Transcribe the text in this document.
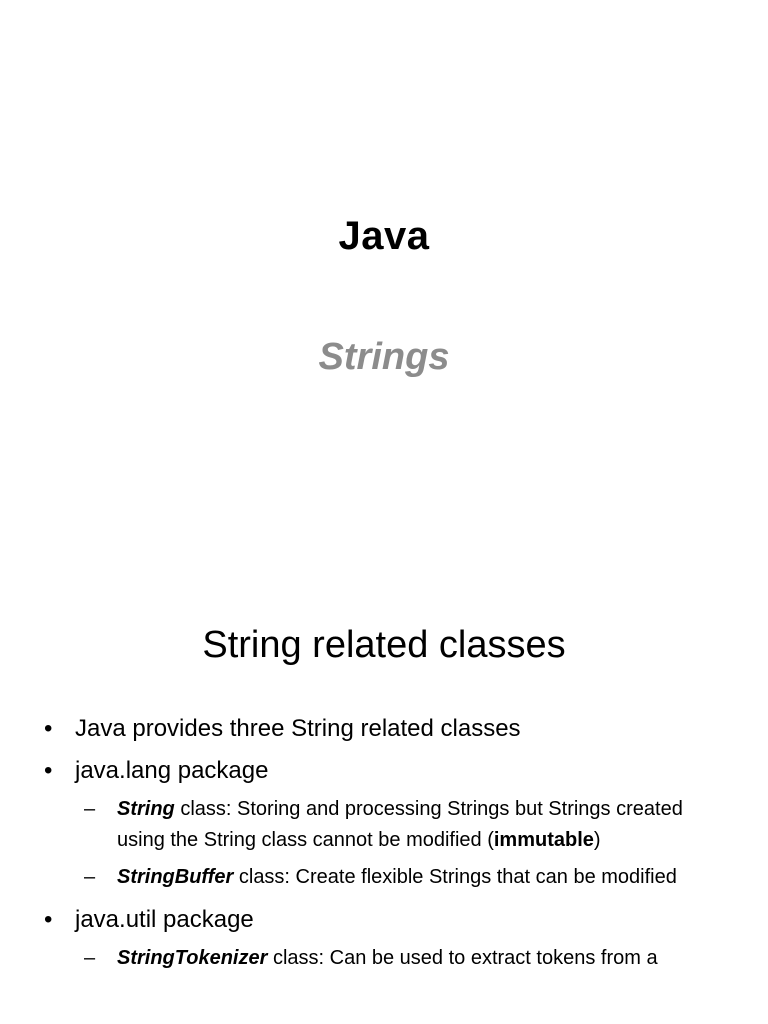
Java
Strings
String related classes
• Java provides three String related classes
• java.lang package
– String class: Storing and processing Strings but Strings created using the String class cannot be modified (immutable)
– StringBuffer class: Create flexible Strings that can be modified
• java.util package
– StringTokenizer class: Can be used to extract tokens from a
